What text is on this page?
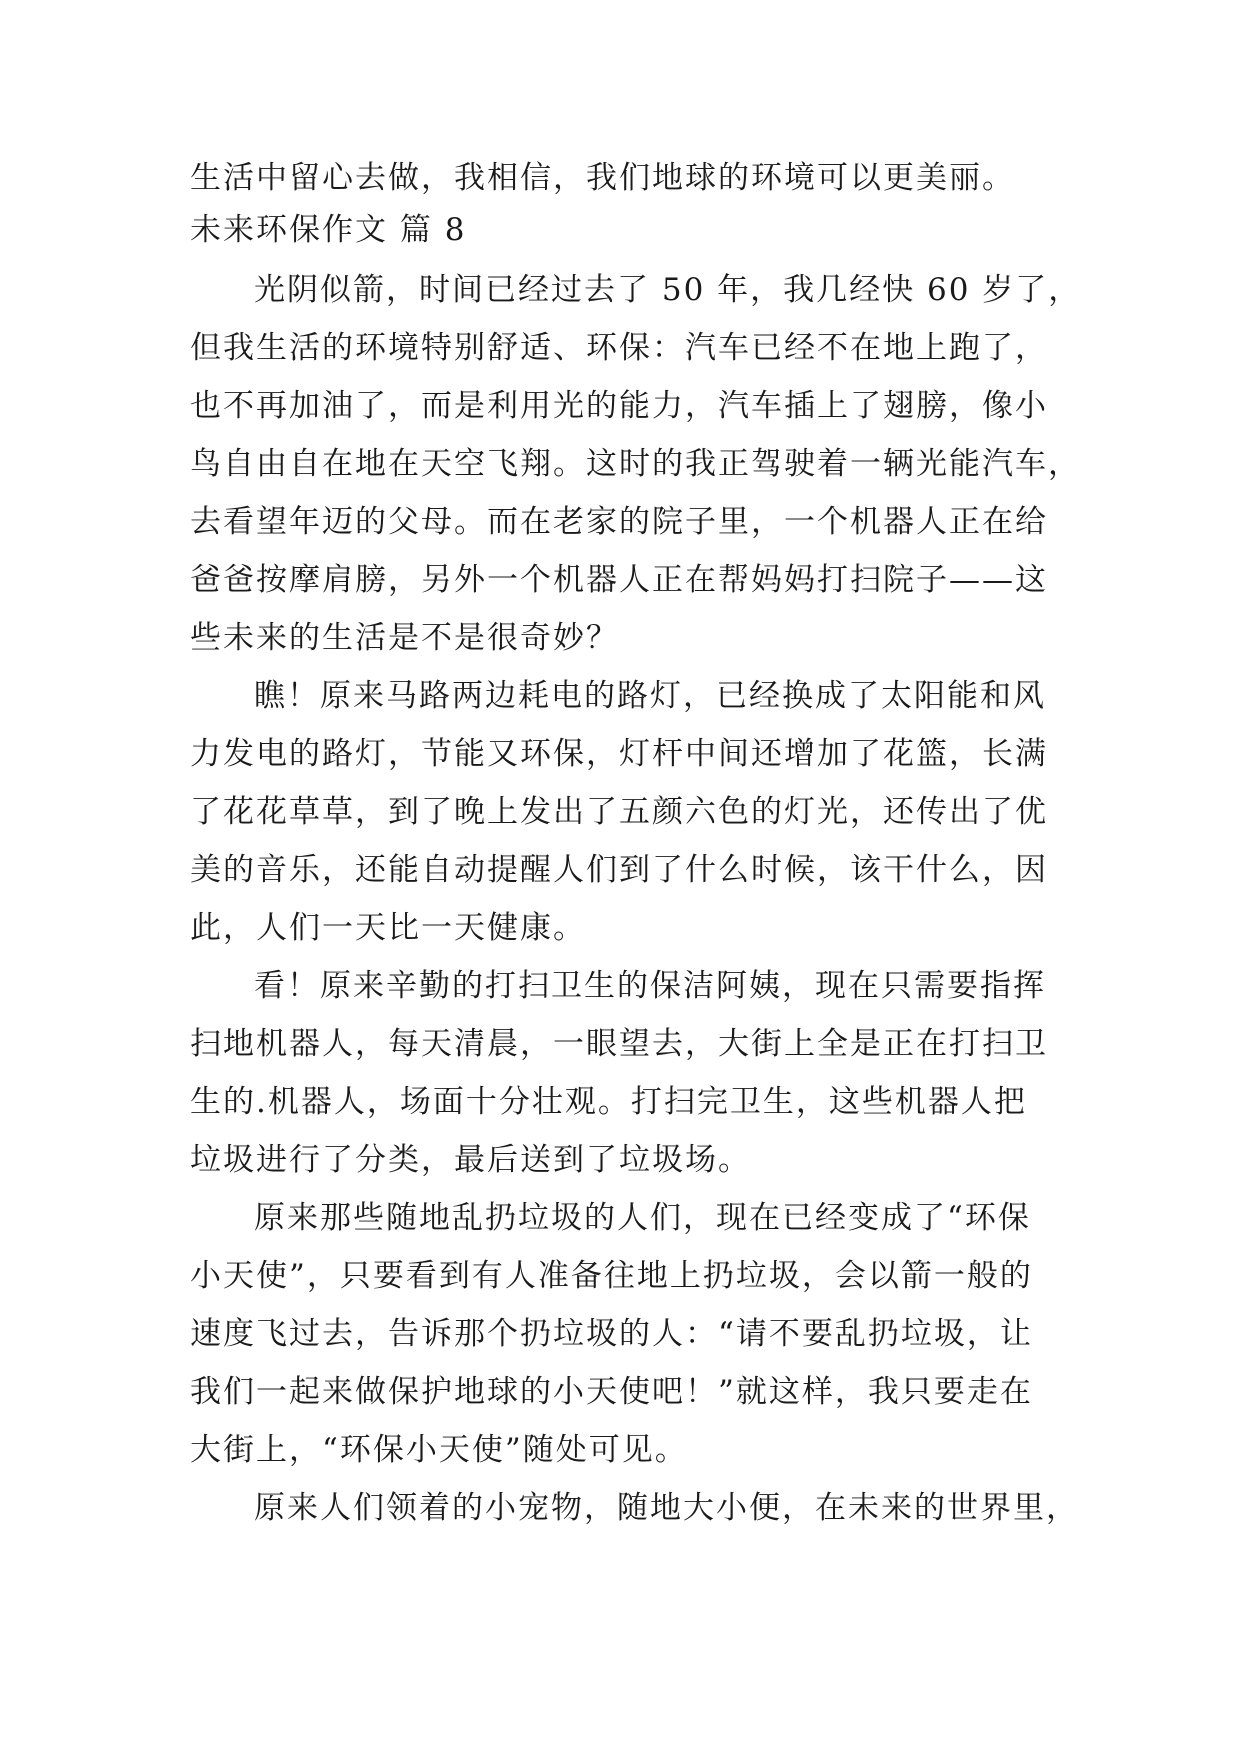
生活中留心去做，我相信，我们地球的环境可以更美丽。
未来环保作文 篇 8
光阴似箭，时间已经过去了 50 年，我几经快 60 岁了，
但我生活的环境特别舒适、环保：汽车已经不在地上跑了，
也不再加油了，而是利用光的能力，汽车插上了翅膀，像小
鸟自由自在地在天空飞翔。这时的我正驾驶着一辆光能汽车，
去看望年迈的父母。而在老家的院子里，一个机器人正在给
爸爸按摩肩膀，另外一个机器人正在帮妈妈打扫院子——这
些未来的生活是不是很奇妙？
瞧！原来马路两边耗电的路灯，已经换成了太阳能和风
力发电的路灯，节能又环保，灯杆中间还增加了花篮，长满
了花花草草，到了晚上发出了五颜六色的灯光，还传出了优
美的音乐，还能自动提醒人们到了什么时候，该干什么，因
此，人们一天比一天健康。
看！原来辛勤的打扫卫生的保洁阿姨，现在只需要指挥
扫地机器人，每天清晨，一眼望去，大街上全是正在打扫卫
生的.机器人，场面十分壮观。打扫完卫生，这些机器人把
垃圾进行了分类，最后送到了垃圾场。
原来那些随地乱扔垃圾的人们，现在已经变成了“环保
小天使”，只要看到有人准备往地上扔垃圾，会以箭一般的
速度飞过去，告诉那个扔垃圾的人：“请不要乱扔垃圾，让
我们一起来做保护地球的小天使吧！”就这样，我只要走在
大街上，“环保小天使”随处可见。
原来人们领着的小宠物，随地大小便，在未来的世界里，
